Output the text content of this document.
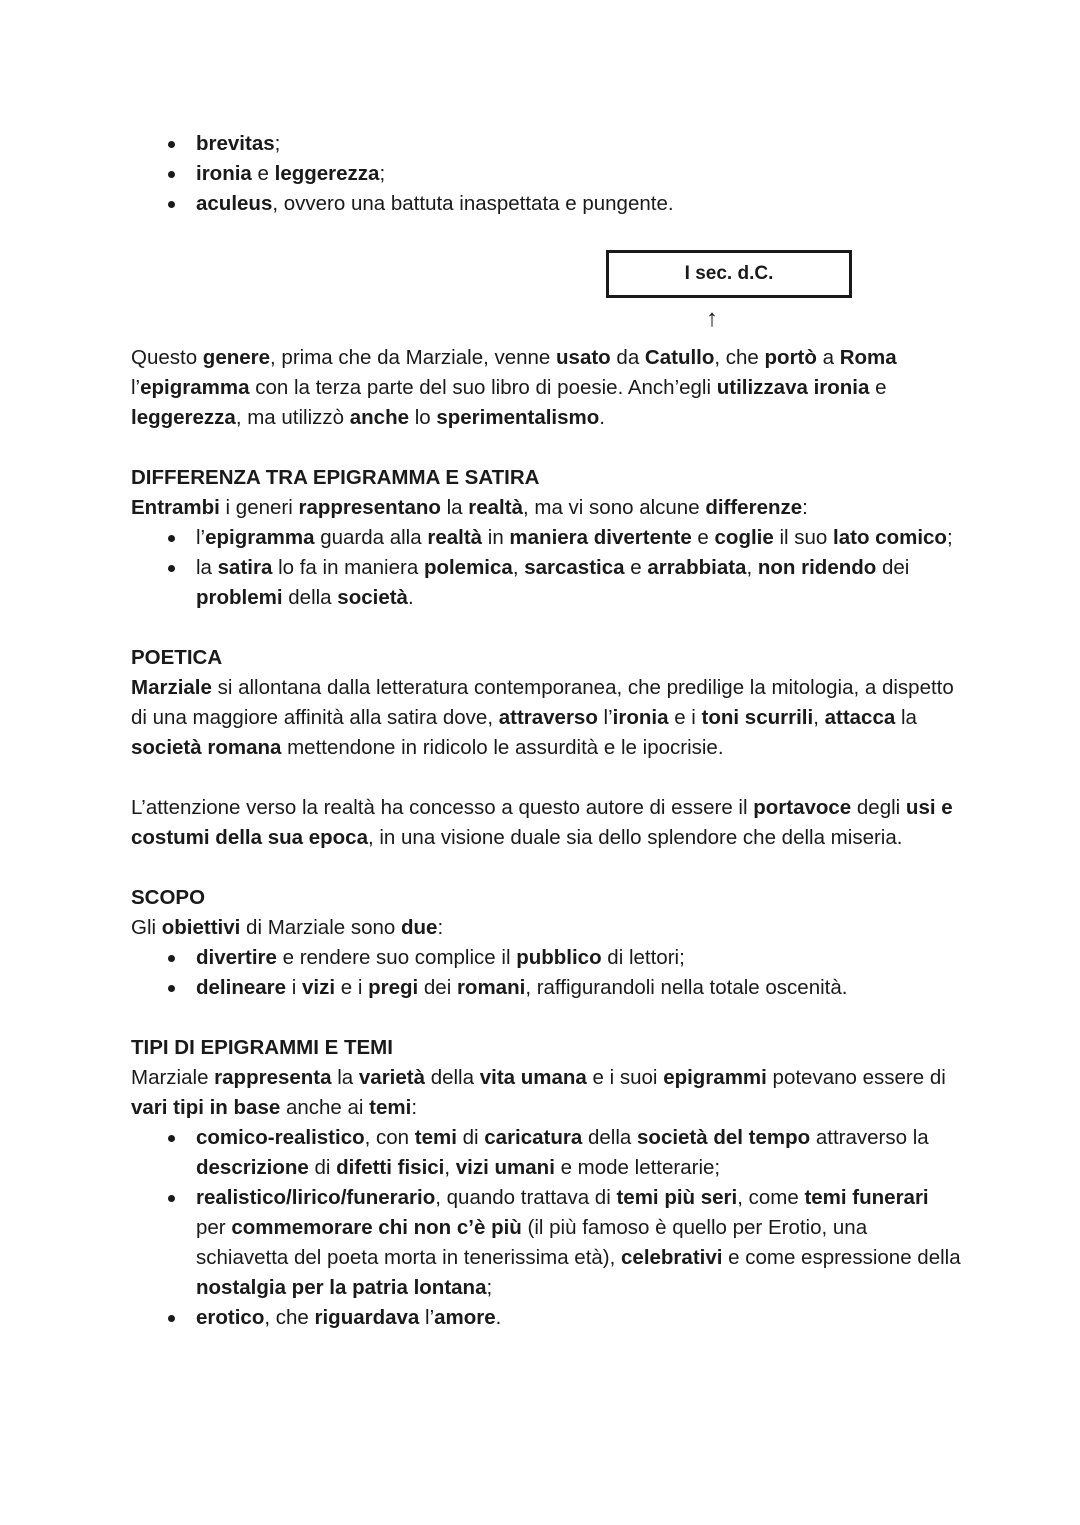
brevitas;
ironia e leggerezza;
aculeus, ovvero una battuta inaspettata e pungente.
I sec. d.C.
↑

Questo genere, prima che da Marziale, venne usato da Catullo, che portò a Roma l’epigramma con la terza parte del suo libro di poesie. Anch’egli utilizzava ironia e leggerezza, ma utilizzò anche lo sperimentalismo.

DIFFERENZA TRA EPIGRAMMA E SATIRA

Entrambi i generi rappresentano la realtà, ma vi sono alcune differenze:

l’epigramma guarda alla realtà in maniera divertente e coglie il suo lato comico;
la satira lo fa in maniera polemica, sarcastica e arrabbiata, non ridendo dei problemi della società.

POETICA

Marziale si allontana dalla letteratura contemporanea, che predilige la mitologia, a dispetto di una maggiore affinità alla satira dove, attraverso l’ironia e i toni scurrili, attacca la società romana mettendone in ridicolo le assurdità e le ipocrisie.

L’attenzione verso la realtà ha concesso a questo autore di essere il portavoce degli usi e costumi della sua epoca, in una visione duale sia dello splendore che della miseria.

SCOPO

Gli obiettivi di Marziale sono due:

divertire e rendere suo complice il pubblico di lettori;
delineare i vizi e i pregi dei romani, raffigurandoli nella totale oscenità.

TIPI DI EPIGRAMMI E TEMI

Marziale rappresenta la varietà della vita umana e i suoi epigrammi potevano essere di vari tipi in base anche ai temi:

comico-realistico, con temi di caricatura della società del tempo attraverso la descrizione di difetti fisici, vizi umani e mode letterarie;
realistico/lirico/funerario, quando trattava di temi più seri, come temi funerari per commemorare chi non c’è più (il più famoso è quello per Erotio, una schiavetta del poeta morta in tenerissima età), celebrativi e come espressione della nostalgia per la patria lontana;
erotico, che riguardava l’amore.
